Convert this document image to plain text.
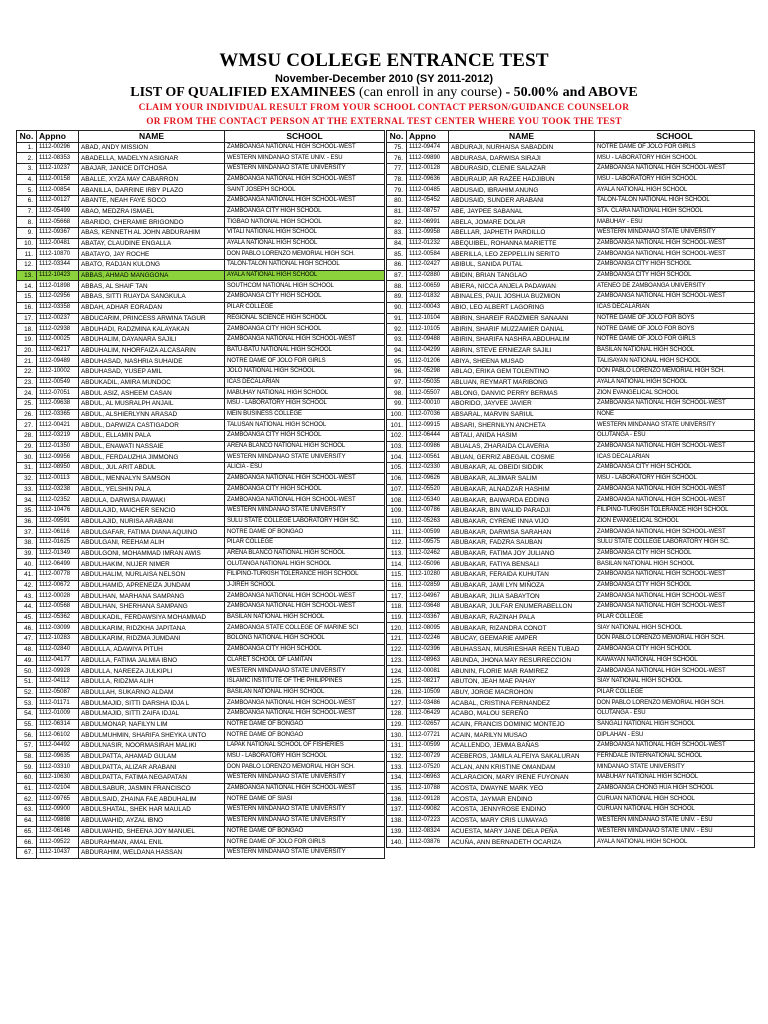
WMSU COLLEGE ENTRANCE TEST
November-December 2010 (SY 2011-2012)
LIST OF QUALIFIED EXAMINEES (can enroll in any course) - 50.00% and ABOVE
CLAIM YOUR INDIVIDUAL RESULT FROM YOUR SCHOOL CONTACT PERSON/GUIDANCE COUNSELOR
OR FROM THE CONTACT PERSON AT THE EXTERNAL TEST CENTER WHERE YOU TOOK THE TEST
No.	Appno	NAME	SCHOOL
1.	1112-00296	ABAD, ANDY MISSION	ZAMBOANGA NATIONAL HIGH SCHOOL-WEST
2.	1112-08353	ABADELLA, MADELYN ASIGNAR	WESTERN MINDANAO STATE UNIV. - ESU
3.	1112-10237	ABAJAR, JANICE DITCHOSA	WESTERN MINDANAO STATE UNIVERSITY
4.	1112-00158	ABALLE, XYZA MAY CABARRON	ZAMBOANGA NATIONAL HIGH SCHOOL-WEST
5.	1112-00854	ABANILLA, DARRINE IRBY PLAZO	SAINT JOSEPH SCHOOL
6.	1112-00127	ABANTE, NEAH FAYE SOCO	ZAMBOANGA NATIONAL HIGH SCHOOL-WEST
7.	1112-05499	ABAO, MEDZRA ISMAEL	ZAMBOANGA CITY HIGH SCHOOL
8.	1112-05668	ABARIDO, CHERAMIE BRIGONDO	TIGBAO NATIONAL HIGH SCHOOL
9.	1112-09367	ABAS, KENNETH AL JOHN ABDURAHIM	VITALI NATIONAL HIGH SCHOOL
10.	1112-00481	ABATAY, CLAUDINE ENGALLA	AYALA NATIONAL HIGH SCHOOL
11.	1112-10870	ABATAYO, JAY ROCHE	DON PABLO LORENZO MEMORIAL HIGH SCH.
12.	1112-03344	ABATO, RADJAN KULONG	TALON-TALON NATIONAL HIGH SCHOOL
13.	1112-10423	ABBAS, AHMAD MANGGONA	AYALA NATIONAL HIGH SCHOOL
14.	1112-01898	ABBAS, AL SHAIF TAN	SOUTHCOM NATIONAL HIGH SCHOOL
15.	1112-02956	ABBAS, SITTI RUAYDA SANGKULA	ZAMBOANGA CITY HIGH SCHOOL
16.	1112-03358	ABDAH, ADHAR EORADAN	PILAR COLLEGE
17.	1112-00237	ABDUCARIM, PRINCESS ARWINA TAGUR	REGIONAL SCIENCE HIGH SCHOOL
18.	1112-02938	ABDUHADI, RADZMINA KALAYAKAN	ZAMBOANGA CITY HIGH SCHOOL
19.	1112-00025	ABDUHALIM, DAYANARA SAJILI	ZAMBOANGA NATIONAL HIGH SCHOOL-WEST
20.	1112-06217	ABDUHALIM, NHORFAIZA ALCASARIN	BATU-BATU NATIONAL HIGH SCHOOL
21.	1112-09489	ABDUHASAD, NASHRIA SUHAIDE	NOTRE DAME OF JOLO FOR GIRLS
22.	1112-10002	ABDUHASAD, YUSEP AMIL	JOLO NATIONAL HIGH SCHOOL
23.	1112-00549	ABDUKADIL, AMIRA MUNDOC	ICAS DECALARIAN
24.	1112-07051	ABDUL ASIZ, ASHEEM CASAN	MABUHAY NATIONAL HIGH SCHOOL
25.	1112-09638	ABDUL, AL MUSRALPH ANJAIL	MSU - LABORATORY HIGH SCHOOL
26.	1112-03365	ABDUL, ALSHIERLYNN ARASAD	MEIN BUSINESS COLLEGE
27.	1112-00421	ABDUL, DARWIZA CASTIGADOR	TALUSAN NATIONAL HIGH SCHOOL
28.	1112-03219	ABDUL, ELLAMIN PALA	ZAMBOANGA CITY HIGH SCHOOL
29.	1112-01350	ABDUL, ENAWATI NASSAIE	ARENA BLANCO NATIONAL HIGH SCHOOL
30.	1112-09956	ABDUL, FERDAUZHIA JIMMONG	WESTERN MINDANAO STATE UNIVERSITY
31.	1112-08950	ABDUL, JUL ARIT ABDUL	ALICIA - ESU
32.	1112-00113	ABDUL, MENNALYN SAMSON	ZAMBOANGA NATIONAL HIGH SCHOOL-WEST
33.	1112-03238	ABDUL, YELSHIN PALA	ZAMBOANGA CITY HIGH SCHOOL
34.	1112-02352	ABDULA, DARWISA PAWAKI	ZAMBOANGA NATIONAL HIGH SCHOOL-WEST
35.	1112-10476	ABDULAJID, MAICHER SENCIO	WESTERN MINDANAO STATE UNIVERSITY
36.	1112-09591	ABDULAJID, NURISA ARABANI	SULU STATE COLLEGE LABORATORY HIGH SC.
37.	1112-06116	ABDULGAFAR, FATIMA DIANA AQUINO	NOTRE DAME OF BONGAO
38.	1112-01625	ABDULGANI, REEHAM ALIH	PILAR COLLEGE
39.	1112-01349	ABDULGONI, MOHAMMAD IMRAN AWIS	ARENA BLANCO NATIONAL HIGH SCHOOL
40.	1112-06499	ABDULHAKIM, NUJER NIMER	OLUTANGA NATIONAL HIGH SCHOOL
41.	1112-00778	ABDULHALIM, NURLAISA NELSON	FILIPINO-TURKISH TOLERANCE HIGH SCHOOL
42.	1112-00672	ABDULHAMID, APRENEIZA JUNDAM	J-JIREH SCHOOL
43.	1112-00028	ABDULHAN, MARHANA SAMPANG	ZAMBOANGA NATIONAL HIGH SCHOOL-WEST
44.	1112-00568	ABDULHAN, SHERHANA SAMPANG	ZAMBOANGA NATIONAL HIGH SCHOOL-WEST
45.	1112-05362	ABDULKADIL, FERDAWSIYA MOHAMMAD	BASILAN NATIONAL HIGH SCHOOL
46.	1112-03099	ABDULKARIM, RIDZKHA JAPITANA	ZAMBOANGA STATE COLLEGE OF MARINE SCI
47.	1112-10283	ABDULKARIM, RIDZMA JUMDANI	BOLONG NATIONAL HIGH SCHOOL
48.	1112-02840	ABDULLA, ADAWIYA PITUH	ZAMBOANGA CITY HIGH SCHOOL
49.	1112-04177	ABDULLA, FATIMA JALMIA IBNO	CLARET SCHOOL OF LAMITAN
50.	1112-09928	ABDULLA, NAREEZA JULKIPLI	WESTERN MINDANAO STATE UNIVERSITY
51.	1112-04112	ABDULLA, RIDZMA ALIH	ISLAMIC INSTITUTE OF THE PHILIPPINES
52.	1112-05087	ABDULLAH, SUKARNO ALDAM	BASILAN NATIONAL HIGH SCHOOL
53.	1112-01171	ABDULMAJID, SITTI DARSHA IDJA L	ZAMBOANGA NATIONAL HIGH SCHOOL-WEST
54.	1112-01009	ABDULMAJID, SITTI ZAIFA IDJAL	ZAMBOANGA NATIONAL HIGH SCHOOL-WEST
55.	1112-06314	ABDULMONAP, NAFILYN LIM	NOTRE DAME OF BONGAO
56.	1112-06102	ABDULMUHMIN, SHARIFA SHEYKA UNTO	NOTRE DAME OF BONGAO
57.	1112-04492	ABDULNASIR, NOORMASIRAH MALIKI	LAPAK NATIONAL SCHOOL OF FISHERIES
58.	1112-09635	ABDULPATTA, AHAMAD GULAM	MSU - LABORATORY HIGH SCHOOL
59.	1112-03310	ABDULPATTA, ALIZAR ARABANI	DON PABLO LORENZO MEMORIAL HIGH SCH.
60.	1112-10630	ABDULPATTA, FATIMA NEGAPATAN	WESTERN MINDANAO STATE UNIVERSITY
61.	1112-02104	ABDULSABUR, JASMIN FRANCISCO	ZAMBOANGA NATIONAL HIGH SCHOOL-WEST
62.	1112-09765	ABDULSAID, ZHAINA FAE ABDUHALIM	NOTRE DAME OF SIASI
63.	1112-09900	ABDULSHATAL, SHEK HAR MAULAD	WESTERN MINDANAO STATE UNIVERSITY
64.	1112-09898	ABDULWAHID, AYZAL IBNO	WESTERN MINDANAO STATE UNIVERSITY
65.	1112-06146	ABDULWAHID, SHEENA JOY MANUEL	NOTRE DAME OF BONGAO
66.	1112-09522	ABDURAHMAN, AMAL ENIL	NOTRE DAME OF JOLO FOR GIRLS
67.	1112-10437	ABDURAHIM, WELDANA HASSAN	WESTERN MINDANAO STATE UNIVERSITY
No.	Appno	NAME	SCHOOL
75.	1112-09474	ABDURAJI, NURHAISA SABADDIN	NOTRE DAME OF JOLO FOR GIRLS
76.	1112-09890	ABDURASA, DARWISA SIRAJI	MSU - LABORATORY HIGH SCHOOL
77.	1112-00128	ABDURASID, CLENIE SALAZAR	ZAMBOANGA NATIONAL HIGH SCHOOL-WEST
78.	1112-09636	ABDURAUP, AR RAZEE HADJIBUN	MSU - LABORATORY HIGH SCHOOL
79.	1112-00485	ABDUSAID, IBRAHIM ANUNG	AYALA NATIONAL HIGH SCHOOL
80.	1112-05452	ABDUSAID, SUNDER ARABANI	TALON-TALON NATIONAL HIGH SCHOOL
81.	1112-08757	ABE, JAYPEE SABANAL	STA. CLARA NATIONAL HIGH SCHOOL
82.	1112-06991	ABELA, JOMARE DOLAR	MABUHAY - ESU
83.	1112-09958	ABELLAR, JAPHETH PARDILLO	WESTERN MINDANAO STATE UNIVERSITY
84.	1112-01232	ABEQUIBEL, ROHANNA MARIETTE	ZAMBOANGA NATIONAL HIGH SCHOOL-WEST
85.	1112-00584	ABERILLA, LEO ZEPPELLIN SERITO	ZAMBOANGA NATIONAL HIGH SCHOOL-WEST
86.	1112-02427	ABIBUL, SANIDA PUTAL	ZAMBOANGA CITY HIGH SCHOOL
87.	1112-02880	ABIDIN, BRIAN TANGLAO	ZAMBOANGA CITY HIGH SCHOOL
88.	1112-00659	ABIERA, NICCA ANJELA PADAWAN	ATENEO DE ZAMBOANGA UNIVERSITY
89.	1112-01832	ABINALES, PAUL JOSHUA BUZMION	ZAMBOANGA NATIONAL HIGH SCHOOL-WEST
90.	1112-00043	ABIO, LEO ALBERT LAGORING	ICAS DECALARIAN
91.	1112-10104	ABIRIN, SHAREIF RADZMIER SANAANI	NOTRE DAME OF JOLO FOR BOYS
92.	1112-10105	ABIRIN, SHARIF MUZZAMIER DANIAL	NOTRE DAME OF JOLO FOR BOYS
93.	1112-09488	ABIRIN, SHARIFA NASHRA ABDUHALIM	NOTRE DAME OF JOLO FOR GIRLS
94.	1112-04299	ABIRIN, STEVE ERNIEZAR SAJILI	BASILAN NATIONAL HIGH SCHOOL
95.	1112-01206	ABIYA, SHEENA MUSAD	TALISAYAN NATIONAL HIGH SCHOOL
96.	1112-05298	ABLAO, ERIKA GEM TOLENTINO	DON PABLO LORENZO MEMORIAL HIGH SCH.
97.	1112-05035	ABLUAN, REYMART MARIBONG	AYALA NATIONAL HIGH SCHOOL
98.	1112-05507	ABLONG, DANVIC PERRY BERMAS	ZION EVANGELICAL SCHOOL
99.	1112-00010	ABORIDO, JAYVEE JAVIER	ZAMBOANGA NATIONAL HIGH SCHOOL-WEST
100.	1112-07036	ABSARAL, MARVIN SARIUL	NONE
101.	1112-09915	ABSARI, SHERNILYN ANCHETA	WESTERN MINDANAO STATE UNIVERSITY
102.	1112-06444	ABTALI, ANIDA HASIM	OLUTANGA - ESU
103.	1112-00986	ABUALAS, ZHARAIDA CLAVERIA	ZAMBOANGA NATIONAL HIGH SCHOOL-WEST
104.	1112-00561	ABUAN, GERRIZ ABEGAIL COSME	ICAS DECALARIAN
105.	1112-02330	ABUBAKAR, AL OBEIDI SIDDIK	ZAMBOANGA CITY HIGH SCHOOL
106.	1112-09626	ABUBAKAR, ALJIMAR SALIM	MSU - LABORATORY HIGH SCHOOL
107.	1112-05520	ABUBAKAR, ALNADZAR HASHIM	ZAMBOANGA NATIONAL HIGH SCHOOL-WEST
108.	1112-05340	ABUBAKAR, BAIWARDA EDDING	ZAMBOANGA NATIONAL HIGH SCHOOL-WEST
109.	1112-00786	ABUBAKAR, BIN WALID PARADJI	FILIPINO-TURKISH TOLERANCE HIGH SCHOOL
110.	1112-05263	ABUBAKAR, CYRENE INNA VIJO	ZION EVANGELICAL SCHOOL
111.	1112-00599	ABUBAKAR, DARWISA SARAHAN	ZAMBOANGA NATIONAL HIGH SCHOOL-WEST
112.	1112-09575	ABUBAKAR, FADZRA SAUBAN	SULU STATE COLLEGE LABORATORY HIGH SC.
113.	1112-02462	ABUBAKAR, FATIMA JOY JULIANO	ZAMBOANGA CITY HIGH SCHOOL
114.	1112-05096	ABUBAKAR, FATIYA BENSALI	BASILAN NATIONAL HIGH SCHOOL
115.	1112-10280	ABUBAKAR, FERAIDA KUHUTAN	ZAMBOANGA NATIONAL HIGH SCHOOL-WEST
116.	1112-02859	ABUBAKAR, JAMI LYN MIÑOZA	ZAMBOANGA CITY HIGH SCHOOL
117.	1112-04967	ABUBAKAR, JILIA SABAYTON	ZAMBOANGA NATIONAL HIGH SCHOOL-WEST
118.	1112-03648	ABUBAKAR, JULFAR ENUMERABELLON	ZAMBOANGA NATIONAL HIGH SCHOOL-WEST
119.	1112-03367	ABUBAKAR, RAZINAH PALA	PILAR COLLEGE
120.	1112-08095	ABUBAKAR, RIZANDRA CONOT	SIAY NATIONAL HIGH SCHOOL
121.	1112-02246	ABUCAY, GEEMARIE AMPER	DON PABLO LORENZO MEMORIAL HIGH SCH.
122.	1112-02396	ABUHASSAN, MUSRIESHAR REEN TUBAD	ZAMBOANGA CITY HIGH SCHOOL
123.	1112-08963	ABUNDA, JHONA MAY RESURRECCION	KAWAYAN NATIONAL HIGH SCHOOL
124.	1112-00081	ABUNIN, FLORIE MAR RAMIREZ	ZAMBOANGA NATIONAL HIGH SCHOOL-WEST
125.	1112-08217	ABUTON, JEAH MAE PAHAY	SIAY NATIONAL HIGH SCHOOL
126.	1112-10509	ABUY, JORGE MACROHON	PILAR COLLEGE
127.	1112-03486	ACABAL, CRISTINA FERNANDEZ	DON PABLO LORENZO MEMORIAL HIGH SCH.
128.	1112-06429	ACABO, MALOU SEREÑO	OLUTANGA - ESU
129.	1112-02657	ACAIN, FRANCIS DOMINIC MONTEJO	SANGALI NATIONAL HIGH SCHOOL
130.	1112-07721	ACAIN, MARILYN MUSAO	DIPLAHAN - ESU
131.	1112-00599	ACALLENDO, JEMMA BAÑAS	ZAMBOANGA NATIONAL HIGH SCHOOL-WEST
132.	1112-00729	ACEBEROS, JAMILA ALFEIYA SAKALURAN	FERNDALE INTERNATIONAL SCHOOL
133.	1112-07520	ACLAN, ANN KRISTINE OMANDAM	MINDANAO STATE UNIVERSITY
134.	1112-06963	ACLARACION, MARY IRENE FUYONAN	MABUHAY NATIONAL HIGH SCHOOL
135.	1112-10788	ACOSTA, DWAYNE MARK YEO	ZAMBOANGA CHONG HUA HIGH SCHOOL
136.	1112-09128	ACOSTA, JAYMAR ENDINO	CURUAN NATIONAL HIGH SCHOOL
137.	1112-09082	ACOSTA, JENNYROSE ENDINO	CURUAN NATIONAL HIGH SCHOOL
138.	1112-07223	ACOSTA, MARY CRIS LUMAYAG	WESTERN MINDANAO STATE UNIV. - ESU
139.	1112-08324	ACUESTA, MARY JANE DELA PEÑA	WESTERN MINDANAO STATE UNIV. - ESU
140.	1112-03876	ACUÑA, ANN BERNADETH OCARIZA	AYALA NATIONAL HIGH SCHOOL
